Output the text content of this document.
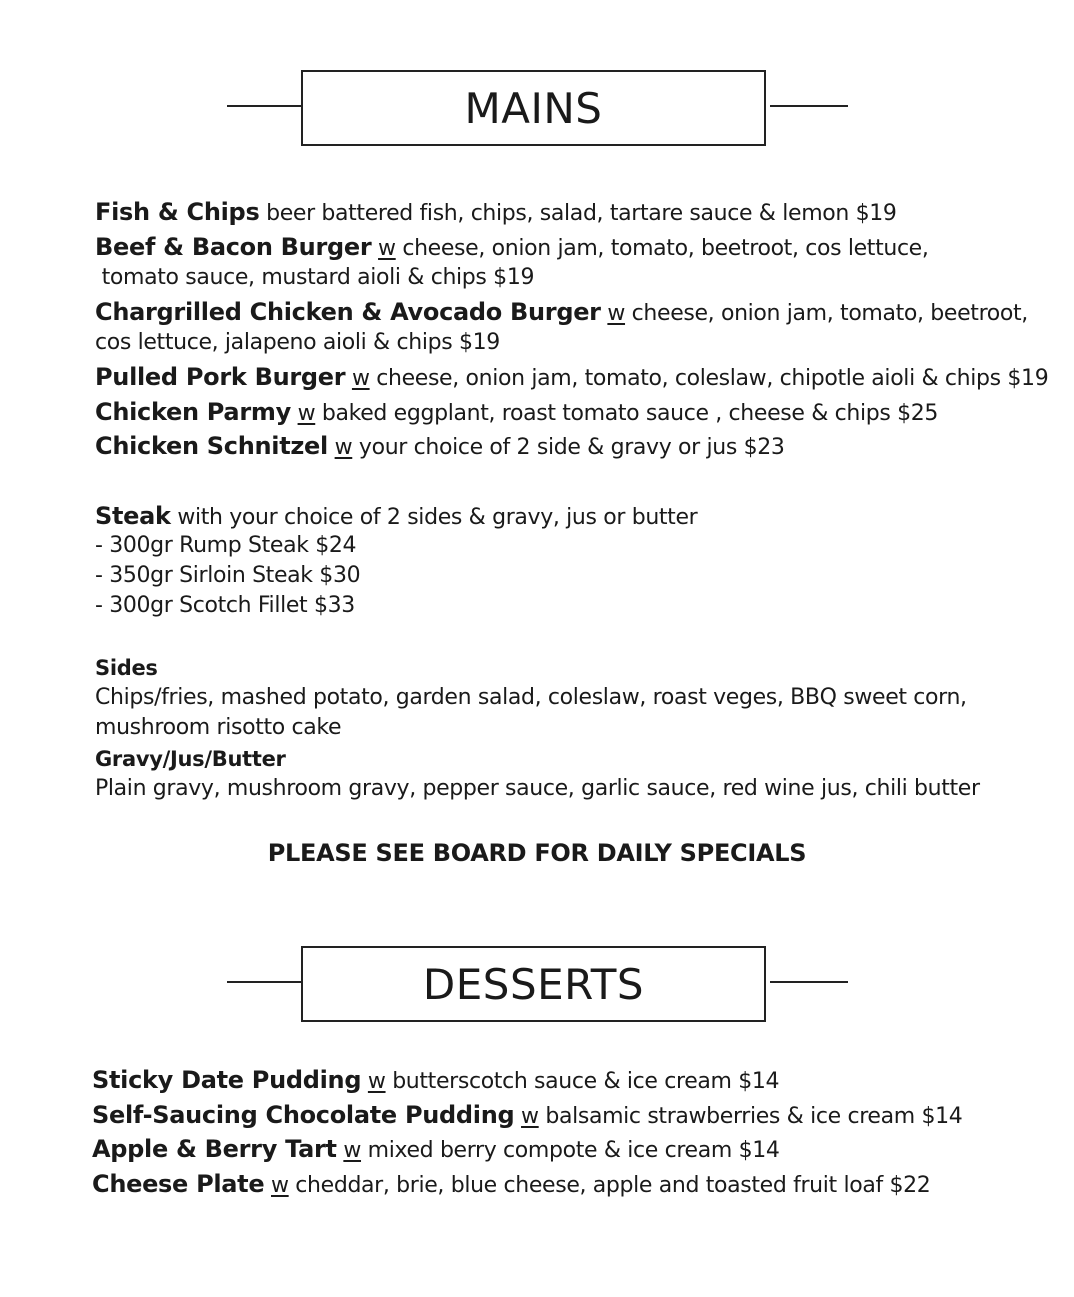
MAINS
Fish & Chips beer battered fish, chips, salad, tartare sauce & lemon $19
Beef & Bacon Burger w cheese, onion jam, tomato, beetroot, cos lettuce,
tomato sauce, mustard aioli & chips $19
Chargrilled Chicken & Avocado Burger w cheese, onion jam, tomato, beetroot,
cos lettuce, jalapeno aioli & chips $19
Pulled Pork Burger w cheese, onion jam, tomato, coleslaw, chipotle aioli & chips $19
Chicken Parmy w baked eggplant, roast tomato sauce , cheese & chips $25
Chicken Schnitzel w your choice of 2 side & gravy or jus $23
Steak with your choice of 2 sides & gravy, jus or butter
- 300gr Rump Steak $24
- 350gr Sirloin Steak $30
- 300gr Scotch Fillet $33
Sides
Chips/fries, mashed potato, garden salad, coleslaw, roast veges, BBQ sweet corn,
mushroom risotto cake
Gravy/Jus/Butter
Plain gravy, mushroom gravy, pepper sauce, garlic sauce, red wine jus, chili butter
PLEASE SEE BOARD FOR DAILY SPECIALS
DESSERTS
Sticky Date Pudding w butterscotch sauce & ice cream $14
Self-Saucing Chocolate Pudding w balsamic strawberries & ice cream $14
Apple & Berry Tart w mixed berry compote & ice cream $14
Cheese Plate w cheddar, brie, blue cheese, apple and toasted fruit loaf $22
